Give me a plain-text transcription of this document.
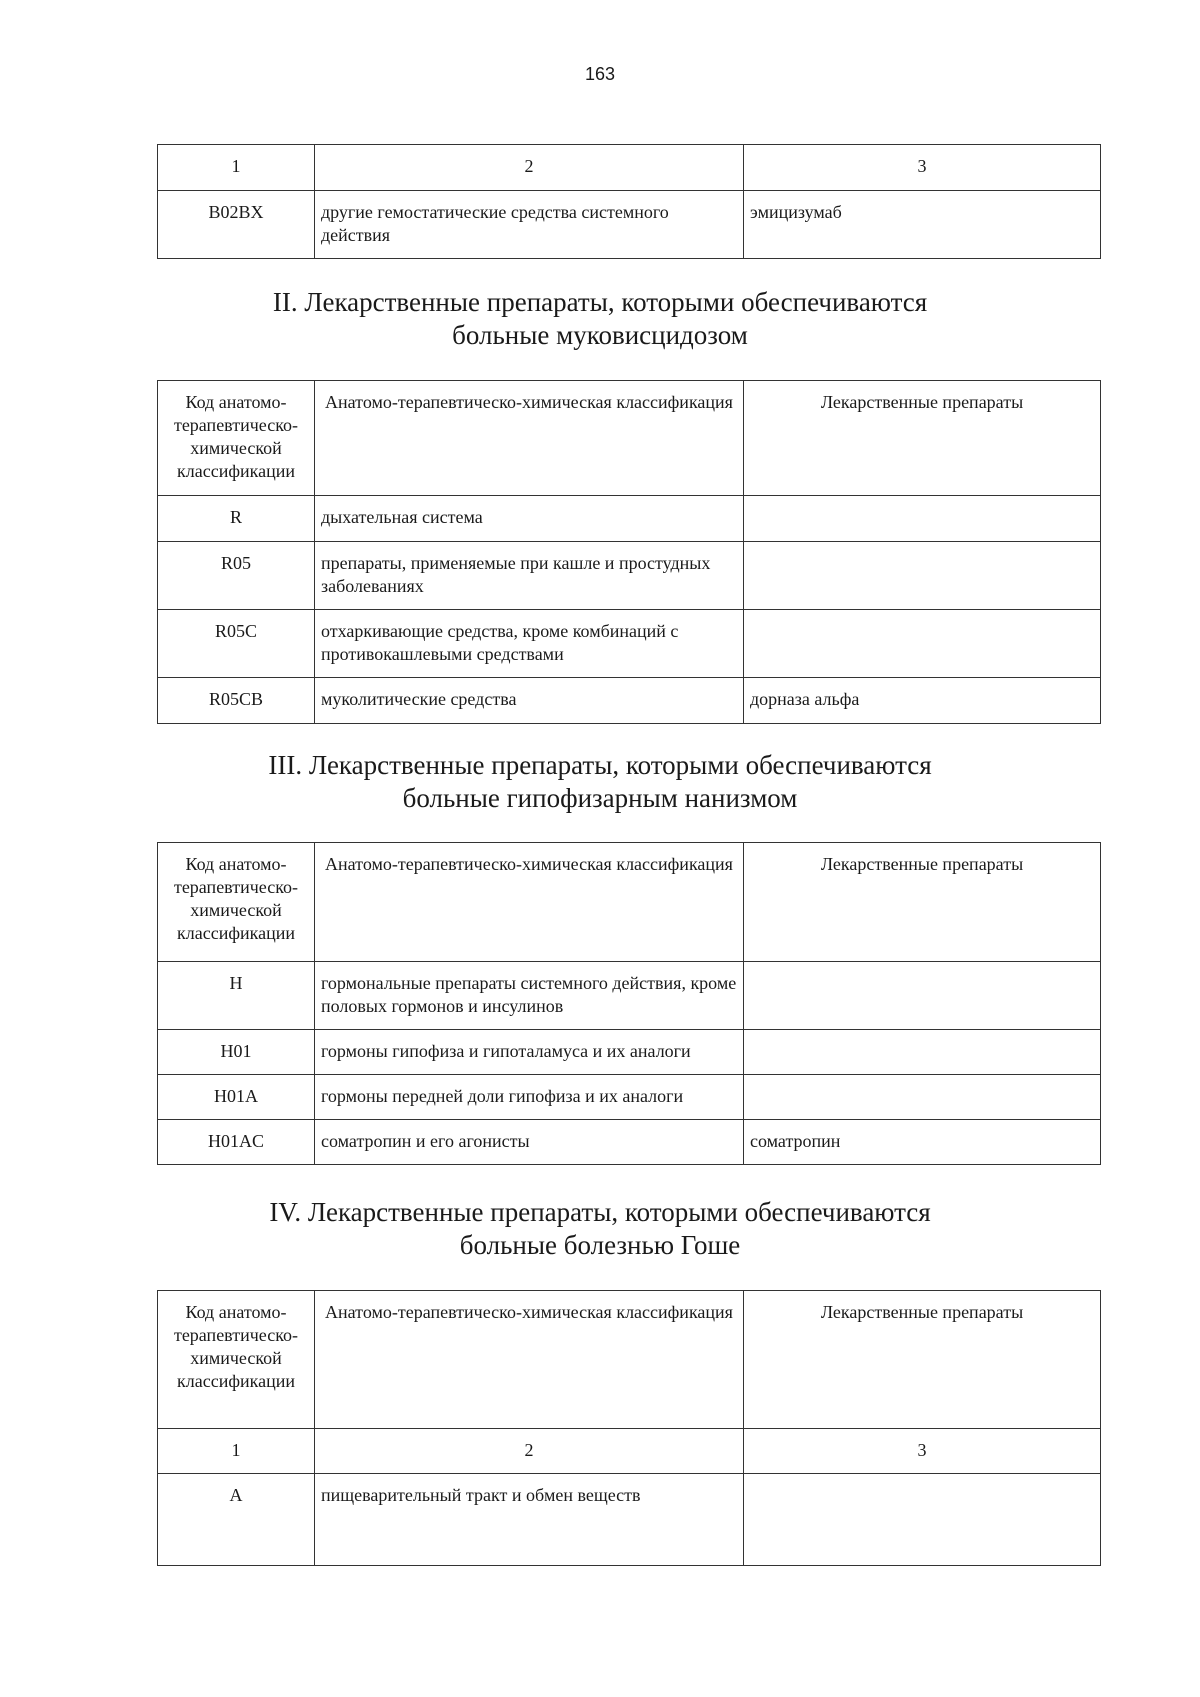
163
1	2	3
B02BX	другие гемостатические средства системного действия	эмицизумаб
II. Лекарственные препараты, которыми обеспечиваются
больные муковисцидозом
Код анатомо-терапевтическо-химической классификации	Анатомо-терапевтическо-химическая классификация	Лекарственные препараты
R	дыхательная система	
R05	препараты, применяемые при кашле и простудных заболеваниях	
R05C	отхаркивающие средства, кроме комбинаций с противокашлевыми средствами	
R05CB	муколитические средства	дорназа альфа
III. Лекарственные препараты, которыми обеспечиваются
больные гипофизарным нанизмом
Код анатомо-терапевтическо-химической классификации	Анатомо-терапевтическо-химическая классификация	Лекарственные препараты
H	гормональные препараты системного действия, кроме половых гормонов и инсулинов	
H01	гормоны гипофиза и гипоталамуса и их аналоги	
H01A	гормоны передней доли гипофиза и их аналоги	
H01AC	соматропин и его агонисты	соматропин
IV. Лекарственные препараты, которыми обеспечиваются
больные болезнью Гоше
Код анатомо-терапевтическо-химической классификации	Анатомо-терапевтическо-химическая классификация	Лекарственные препараты
1	2	3
A	пищеварительный тракт и обмен веществ	
